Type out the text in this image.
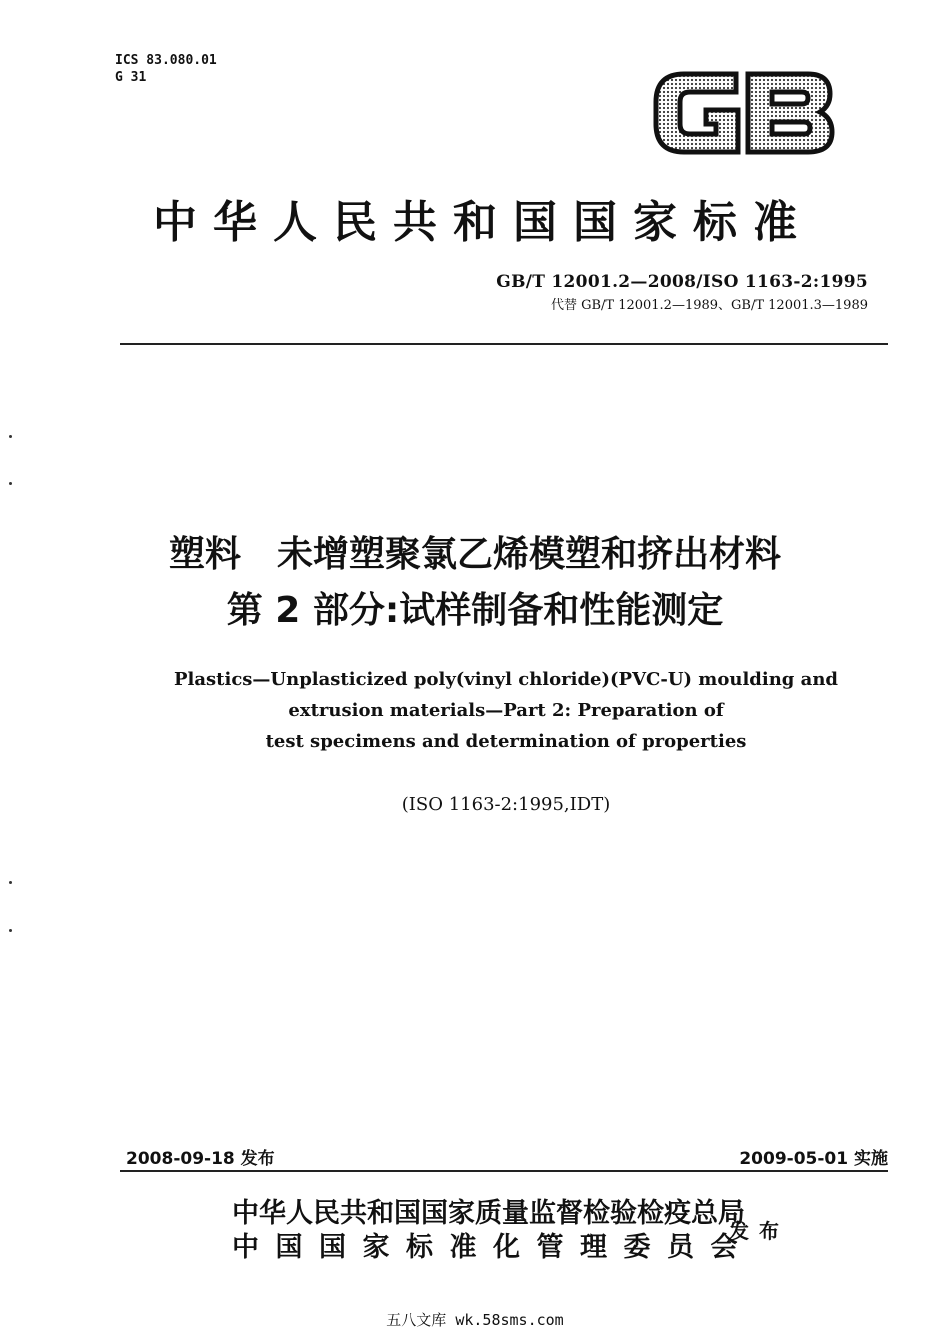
ICS 83.080.01
G 31
中华人民共和国国家标准
GB/T 12001.2—2008/ISO 1163-2:1995
代替 GB/T 12001.2—1989、GB/T 12001.3—1989
塑料　未增塑聚氯乙烯模塑和挤出材料
第 2 部分:试样制备和性能测定
Plastics—Unplasticized poly(vinyl chloride)(PVC-U) moulding and
extrusion materials—Part 2: Preparation of
test specimens and determination of properties
(ISO 1163-2:1995,IDT)
2008-09-18 发布	2009-05-01 实施
中华人民共和国国家质量监督检验检疫总局
中国国家标准化管理委员会
发布
五八文库 wk.58sms.com
